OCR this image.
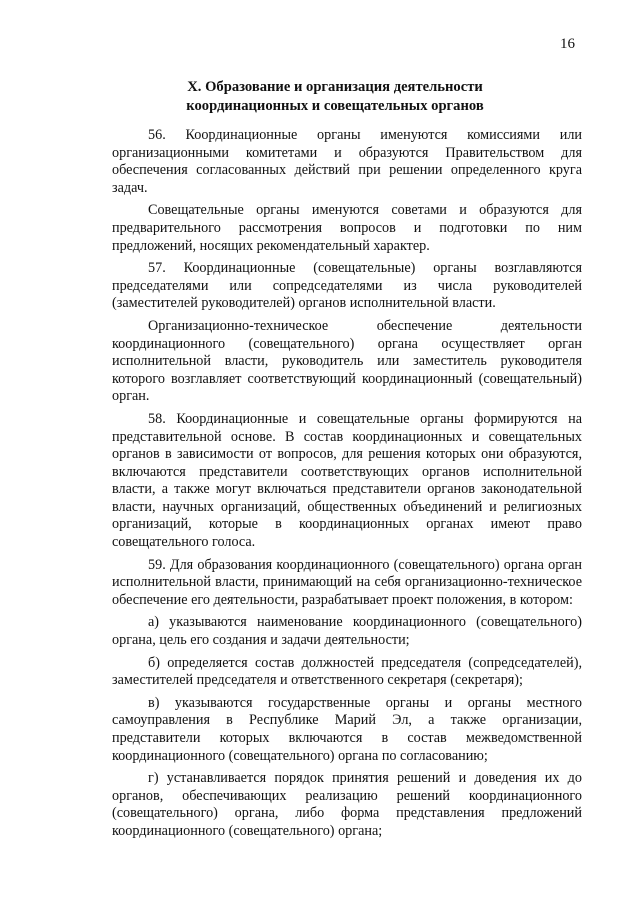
16
X. Образование и организация деятельности
координационных и совещательных органов

56. Координационные органы именуются комиссиями или организационными комитетами и образуются Правительством для обеспечения согласованных действий при решении определенного круга задач.

Совещательные органы именуются советами и образуются для предварительного рассмотрения вопросов и подготовки по ним предложений, носящих рекомендательный характер.

57. Координационные (совещательные) органы возглавляются председателями или сопредседателями из числа руководителей (заместителей руководителей) органов исполнительной власти.

Организационно-техническое обеспечение деятельности координационного (совещательного) органа осуществляет орган исполнительной власти, руководитель или заместитель руководителя которого возглавляет соответствующий координационный (совещательный) орган.

58. Координационные и совещательные органы формируются на представительной основе. В состав координационных и совещательных органов в зависимости от вопросов, для решения которых они образуются, включаются представители соответствующих органов исполнительной власти, а также могут включаться представители органов законодательной власти, научных организаций, общественных объединений и религиозных организаций, которые в координационных органах имеют право совещательного голоса.

59. Для образования координационного (совещательного) органа орган исполнительной власти, принимающий на себя организационно-техническое обеспечение его деятельности, разрабатывает проект положения, в котором:

а) указываются наименование координационного (совещательного) органа, цель его создания и задачи деятельности;

б) определяется состав должностей председателя (сопредседателей), заместителей председателя и ответственного секретаря (секретаря);

в) указываются государственные органы и органы местного самоуправления в Республике Марий Эл, а также организации, представители которых включаются в состав межведомственной координационного (совещательного) органа по согласованию;

г) устанавливается порядок принятия решений и доведения их до органов, обеспечивающих реализацию решений координационного (совещательного) органа, либо форма представления предложений координационного (совещательного) органа;
